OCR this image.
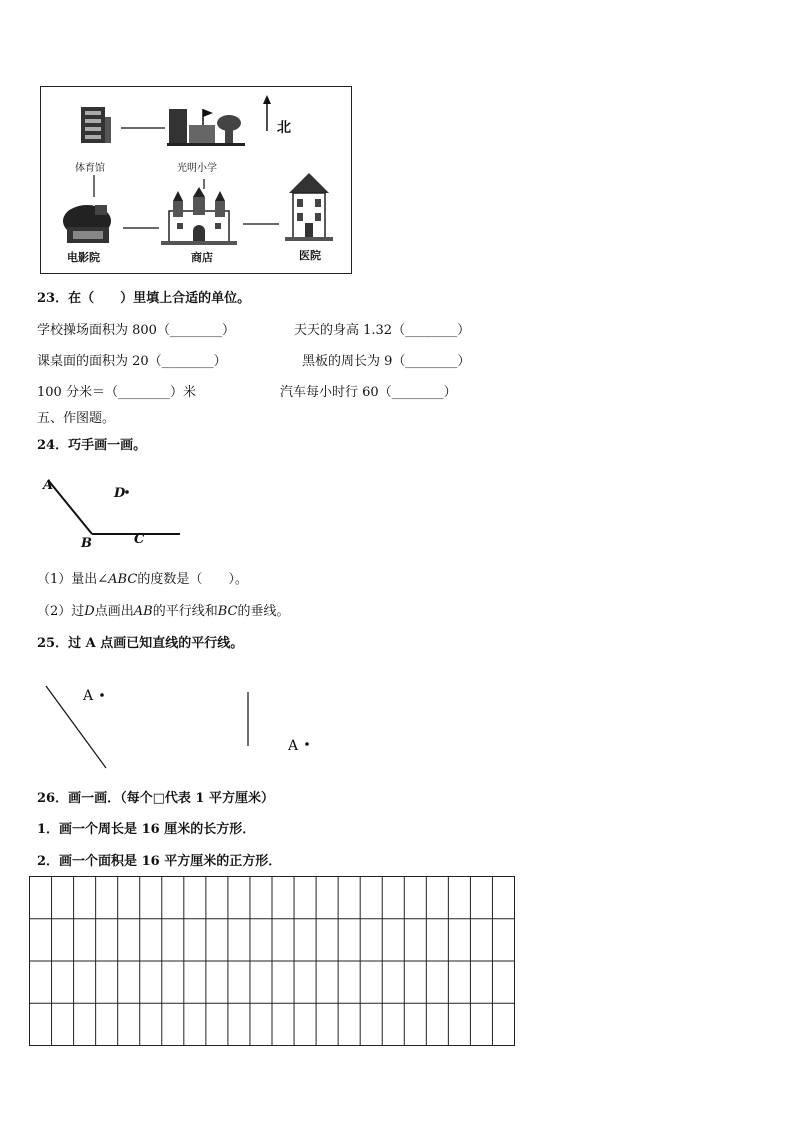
北
体育馆	光明小学
电影院	商店	医院
23．在（　　）里填上合适的单位。
学校操场面积为 800（________）	天天的身高 1.32（________）
课桌面的面积为 20（________）	黑板的周长为 9（________）
100 分米＝（________）米	汽车每小时行 60（________）
五、作图题。
24．巧手画一画。
A
B	C
D
（1）量出∠ABC的度数是（　　）。
（2）过D点画出AB的平行线和BC的垂线。
25．过 A 点画已知直线的平行线。
A
A
26．画一画．（每个□代表 1 平方厘米）
1．画一个周长是 16 厘米的长方形．
2．画一个面积是 16 平方厘米的正方形．
